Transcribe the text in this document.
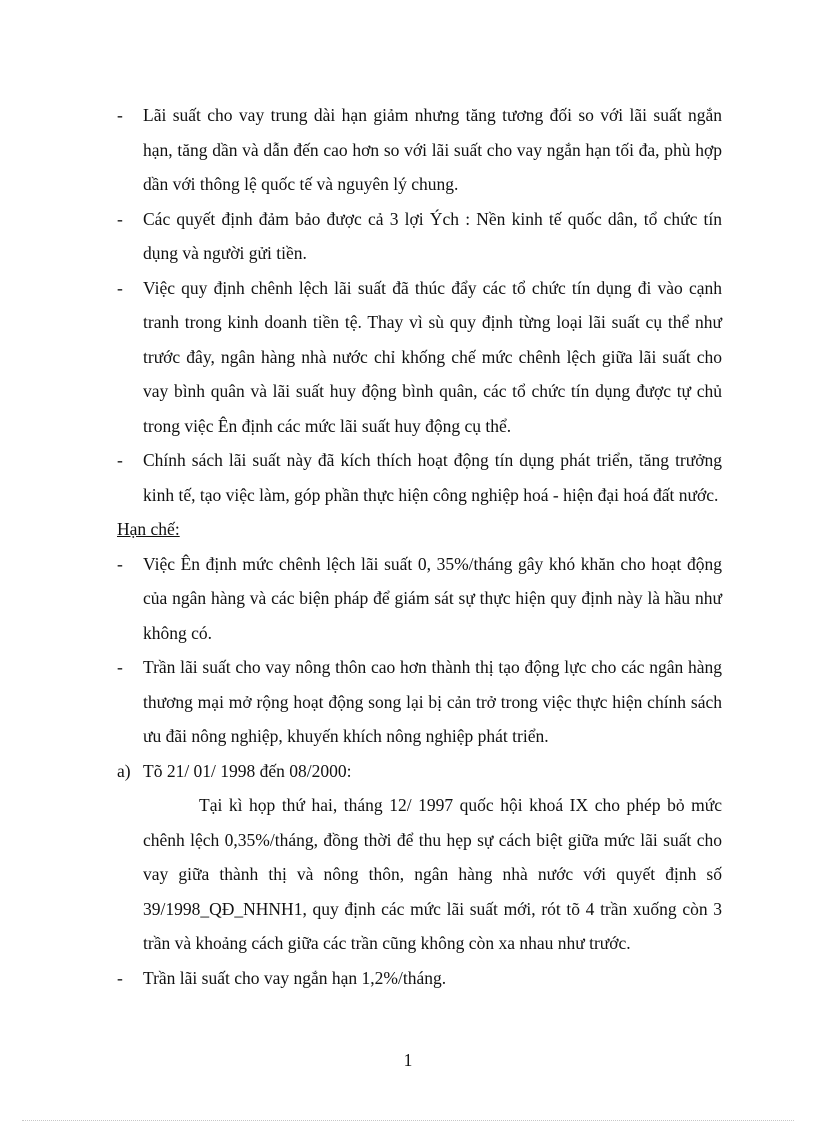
- Lãi suất cho vay trung dài hạn giảm nhưng tăng tương đối so với lãi suất ngắn hạn, tăng dần và dẫn đến cao hơn so với lãi suất cho vay ngắn hạn tối đa, phù hợp dần với thông lệ quốc tế và nguyên lý chung.
- Các quyết định đảm bảo được cả 3 lợi Ých : Nền kinh tế quốc dân, tổ chức tín dụng và người gửi tiền.
- Việc quy định chênh lệch lãi suất đã thúc đẩy các tổ chức tín dụng đi vào cạnh tranh trong kinh doanh tiền tệ. Thay vì sù quy định từng loại lãi suất cụ thể như trước đây, ngân hàng nhà nước chỉ khống chế mức chênh lệch giữa lãi suất cho vay bình quân và lãi suất huy động bình quân, các tổ chức tín dụng được tự chủ trong việc Ên định các mức lãi suất huy động cụ thể.
- Chính sách lãi suất này đã kích thích hoạt động tín dụng phát triển, tăng trưởng kinh tế, tạo việc làm, góp phần thực hiện công nghiệp hoá - hiện đại hoá đất nước.
Hạn chế:
- Việc Ên định mức chênh lệch lãi suất 0, 35%/tháng gây khó khăn cho hoạt động của ngân hàng và các biện pháp để giám sát sự thực hiện quy định này là hầu như không có.
- Trần lãi suất cho vay nông thôn cao hơn thành thị tạo động lực cho các ngân hàng thương mại mở rộng hoạt động song lại bị cản trở trong việc thực hiện chính sách ưu đãi nông nghiệp, khuyến khích nông nghiệp phát triển.
a) Tõ 21/ 01/ 1998 đến 08/2000:
Tại kì họp thứ hai, tháng 12/ 1997 quốc hội khoá IX cho phép bỏ mức chênh lệch 0,35%/tháng, đồng thời để thu hẹp sự cách biệt giữa mức lãi suất cho vay giữa thành thị và nông thôn, ngân hàng nhà nước với quyết định số 39/1998_QĐ_NHNH1, quy định các mức lãi suất mới, rót tõ 4 trần xuống còn 3 trần và khoảng cách giữa các trần cũng không còn xa nhau như trước.
- Trần lãi suất cho vay ngắn hạn 1,2%/tháng.
1
